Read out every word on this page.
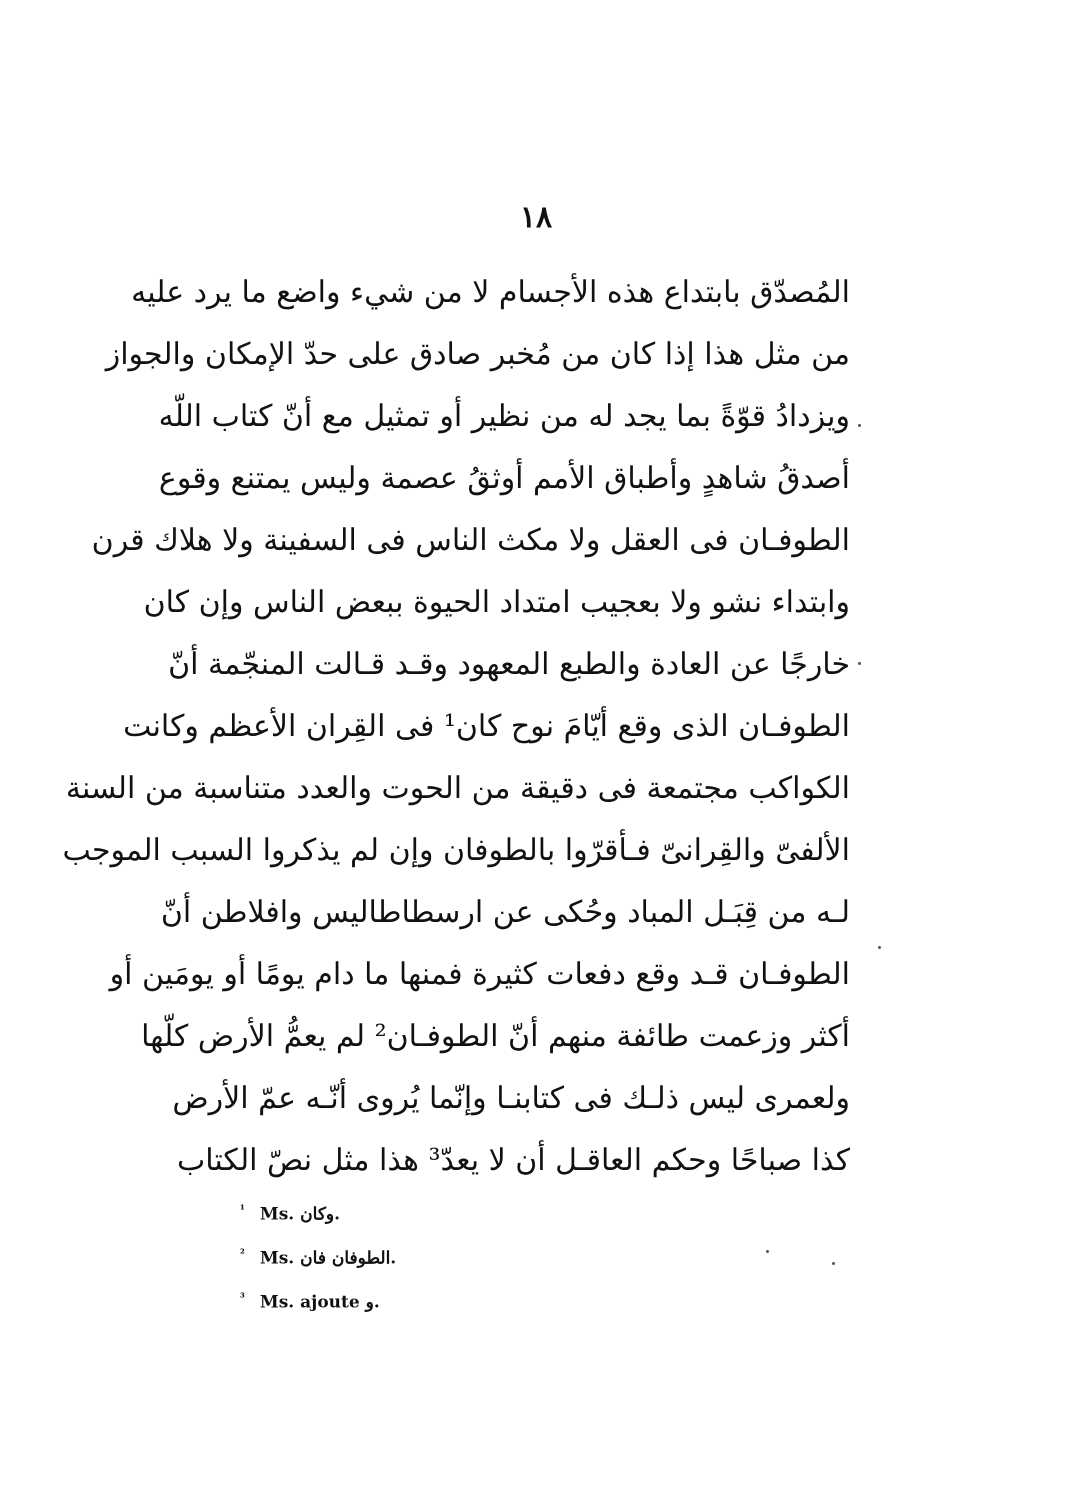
١٨
المُصدّق بابتداع هذه الأجسام لا من شيء واضع ما يرد عليه
من مثل هذا إذا كان من مُخبر صادق على حدّ الإمكان والجواز
ويزدادُ قوّةً بما يجد له من نظير أو تمثيل مع أنّ كتاب اللّه
أصدقُ شاهدٍ وأطباق الأمم أوثقُ عصمة وليس يمتنع وقوع
الطوفـان فى العقل ولا مكث الناس فى السفينة ولا هلاك قرن
وابتداء نشو ولا بعجيب امتداد الحيوة ببعض الناس وإن كان
خارجًا عن العادة والطبع المعهود وقـد قـالت المنجّمة أنّ
الطوفـان الذى وقع أيّامَ نوح كان¹ فى القِران الأعظم وكانت
الكواكب مجتمعة فى دقيقة من الحوت والعدد متناسبة من السنة
الألفىّ والقِرانىّ فـأقرّوا بالطوفان وإن لم يذكروا السبب الموجب
لـه من قِبَـل المباد وحُكى عن ارسطاطاليس وافلاطن أنّ
الطوفـان قـد وقع دفعات كثيرة فمنها ما دام يومًا أو يومَين أو
أكثر وزعمت طائفة منهم أنّ الطوفـان² لم يعمُّ الأرض كلّها
ولعمرى ليس ذلـك فى كتابنـا وإنّما يُروى أنّـه عمّ الأرض
كذا صباحًا وحكم العاقـل أن لا يعدّ³ هذا مثل نصّ الكتاب
¹ Ms. وكان.
² Ms. الطوفان فان.
³ Ms. ajoute و.
